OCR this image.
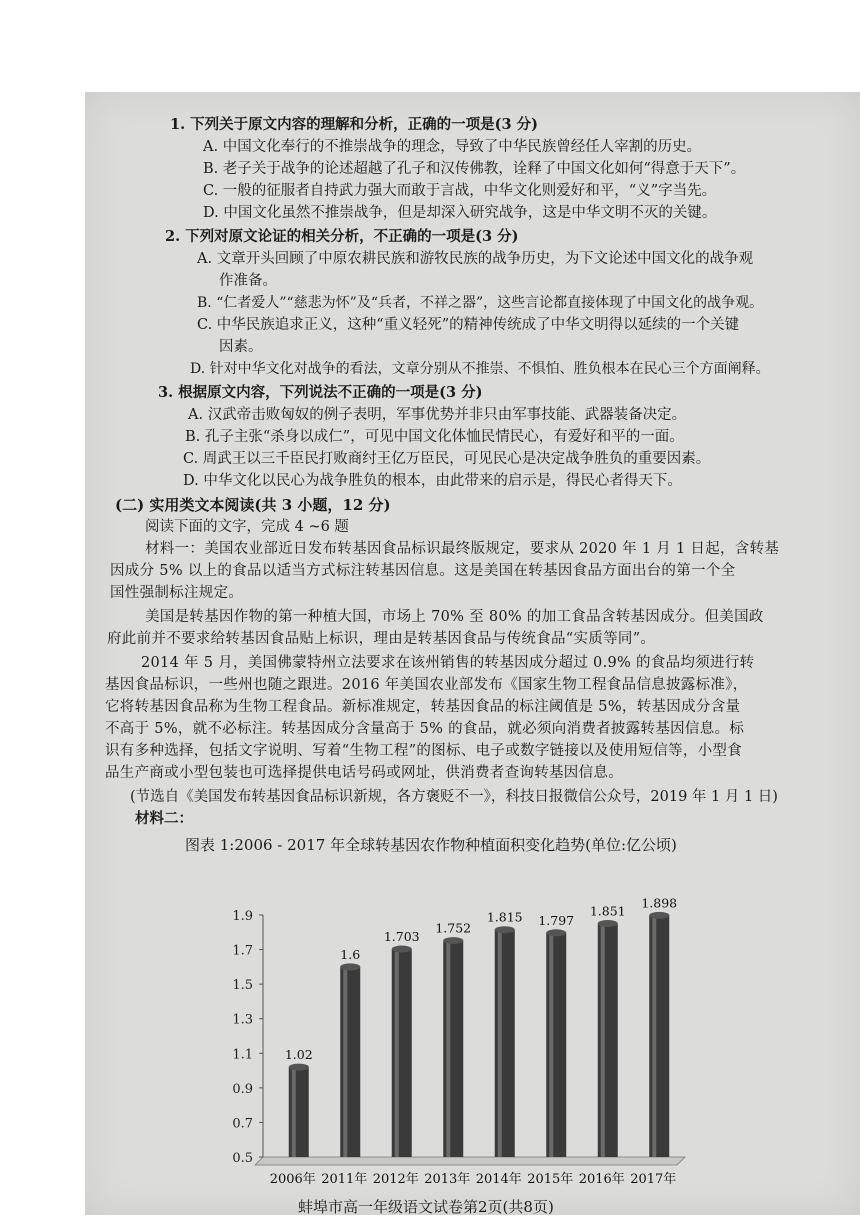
1. 下列关于原文内容的理解和分析，正确的一项是(3 分)
A. 中国文化奉行的不推崇战争的理念，导致了中华民族曾经任人宰割的历史。
B. 老子关于战争的论述超越了孔子和汉传佛教，诠释了中国文化如何“得意于天下”。
C. 一般的征服者自持武力强大而敢于言战，中华文化则爱好和平，“义”字当先。
D. 中国文化虽然不推崇战争，但是却深入研究战争，这是中华文明不灭的关键。
2. 下列对原文论证的相关分析，不正确的一项是(3 分)
A. 文章开头回顾了中原农耕民族和游牧民族的战争历史，为下文论述中国文化的战争观
作准备。
B. “仁者爱人”“慈悲为怀”及“兵者，不祥之器”，这些言论都直接体现了中国文化的战争观。
C. 中华民族追求正义，这种“重义轻死”的精神传统成了中华文明得以延续的一个关键
因素。
D. 针对中华文化对战争的看法，文章分别从不推崇、不惧怕、胜负根本在民心三个方面阐释。
3. 根据原文内容，下列说法不正确的一项是(3 分)
A. 汉武帝击败匈奴的例子表明，军事优势并非只由军事技能、武器装备决定。
B. 孔子主张“杀身以成仁”，可见中国文化体恤民情民心，有爱好和平的一面。
C. 周武王以三千臣民打败商纣王亿万臣民，可见民心是决定战争胜负的重要因素。
D. 中华文化以民心为战争胜负的根本，由此带来的启示是，得民心者得天下。
(二) 实用类文本阅读(共 3 小题，12 分)
阅读下面的文字，完成 4 ~6 题
材料一：美国农业部近日发布转基因食品标识最终版规定，要求从 2020 年 1 月 1 日起，含转基
因成分 5% 以上的食品以适当方式标注转基因信息。这是美国在转基因食品方面出台的第一个全
国性强制标注规定。
美国是转基因作物的第一种植大国，市场上 70% 至 80% 的加工食品含转基因成分。但美国政
府此前并不要求给转基因食品贴上标识，理由是转基因食品与传统食品“实质等同”。
2014 年 5 月，美国佛蒙特州立法要求在该州销售的转基因成分超过 0.9% 的食品均须进行转
基因食品标识，一些州也随之跟进。2016 年美国农业部发布《国家生物工程食品信息披露标准》，
它将转基因食品称为生物工程食品。新标准规定，转基因食品的标注阈值是 5%，转基因成分含量
不高于 5%，就不必标注。转基因成分含量高于 5% 的食品，就必须向消费者披露转基因信息。标
识有多种选择，包括文字说明、写着“生物工程”的图标、电子或数字链接以及使用短信等，小型食
品生产商或小型包装也可选择提供电话号码或网址，供消费者查询转基因信息。
(节选自《美国发布转基因食品标识新规，各方褒贬不一》，科技日报微信公众号，2019 年 1 月 1 日)
材料二：
图表 1:2006 - 2017 年全球转基因农作物种植面积变化趋势(单位:亿公顷)
1.9
1.7
1.5
1.3
1.1
0.9
0.7
0.5
1.02
2006年
1.6
2011年
1.703
2012年
1.752
2013年
1.815
2014年
1.797
2015年
1.851
2016年
1.898
2017年
蚌埠市高一年级语文试卷第2页(共8页)
